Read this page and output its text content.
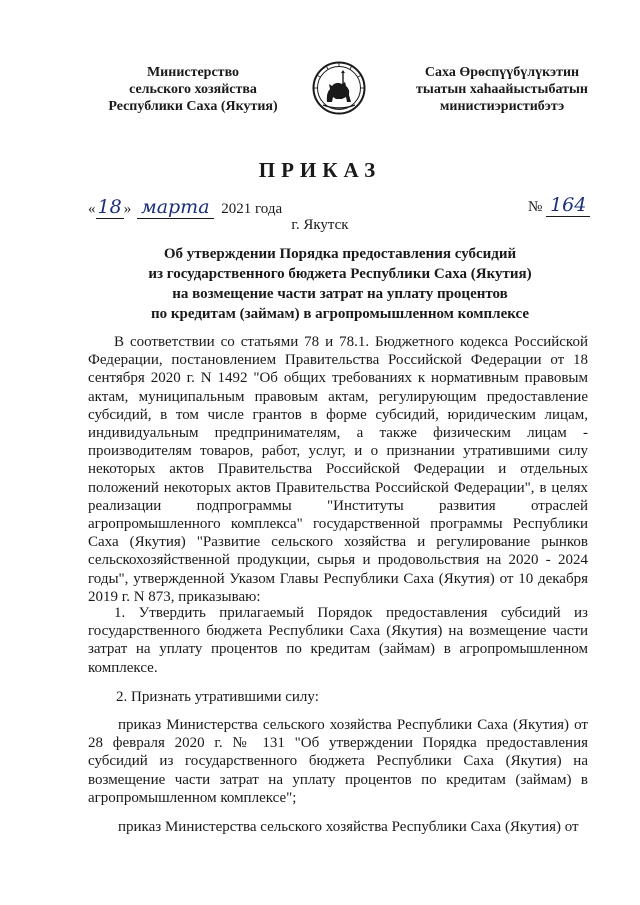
Министерство
сельского хозяйства
Республики Саха (Якутия)
Саха Өрөспүүбүлүкэтин
тыатын хаһаайыстыбатын
министиэристибэтэ
ПРИКАЗ
« 18 » марта 2021 года	№ 164
г. Якутск
Об утверждении Порядка предоставления субсидий
из государственного бюджета Республики Саха (Якутия)
на возмещение части затрат на уплату процентов
по кредитам (займам) в агропромышленном комплексе
В соответствии со статьями 78 и 78.1. Бюджетного кодекса Российской Федерации, постановлением Правительства Российской Федерации от 18 сентября 2020 г. N 1492 "Об общих требованиях к нормативным правовым актам, муниципальным правовым актам, регулирующим предоставление субсидий, в том числе грантов в форме субсидий, юридическим лицам, индивидуальным предпринимателям, а также физическим лицам - производителям товаров, работ, услуг, и о признании утратившими силу некоторых актов Правительства Российской Федерации и отдельных положений некоторых актов Правительства Российской Федерации", в целях реализации подпрограммы "Институты развития отраслей агропромышленного комплекса" государственной программы Республики Саха (Якутия) "Развитие сельского хозяйства и регулирование рынков сельскохозяйственной продукции, сырья и продовольствия на 2020 - 2024 годы", утвержденной Указом Главы Республики Саха (Якутия) от 10 декабря 2019 г. N 873, приказываю:
1. Утвердить прилагаемый Порядок предоставления субсидий из государственного бюджета Республики Саха (Якутия) на возмещение части затрат на уплату процентов по кредитам (займам) в агропромышленном комплексе.
2. Признать утратившими силу:
приказ Министерства сельского хозяйства Республики Саха (Якутия) от 28 февраля 2020 г. № 131 "Об утверждении Порядка предоставления субсидий из государственного бюджета Республики Саха (Якутия) на возмещение части затрат на уплату процентов по кредитам (займам) в агропромышленном комплексе";
приказ Министерства сельского хозяйства Республики Саха (Якутия) от
